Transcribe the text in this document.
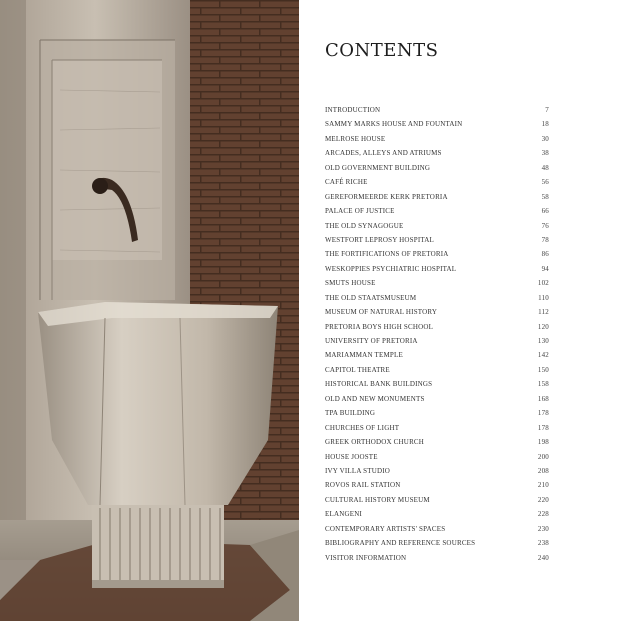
CONTENTS
INTRODUCTION	7
SAMMY MARKS HOUSE AND FOUNTAIN	18
MELROSE HOUSE	30
ARCADES, ALLEYS AND ATRIUMS	38
OLD GOVERNMENT BUILDING	48
CAFÉ RICHE	56
GEREFORMEERDE KERK PRETORIA	58
PALACE OF JUSTICE	66
THE OLD SYNAGOGUE	76
WESTFORT LEPROSY HOSPITAL	78
THE FORTIFICATIONS OF PRETORIA	86
WESKOPPIES PSYCHIATRIC HOSPITAL	94
SMUTS HOUSE	102
THE OLD STAATSMUSEUM	110
MUSEUM OF NATURAL HISTORY	112
PRETORIA BOYS HIGH SCHOOL	120
UNIVERSITY OF PRETORIA	130
MARIAMMAN TEMPLE	142
CAPITOL THEATRE	150
HISTORICAL BANK BUILDINGS	158
OLD AND NEW MONUMENTS	168
TPA BUILDING	178
CHURCHES OF LIGHT	178
GREEK ORTHODOX CHURCH	198
HOUSE JOOSTE	200
IVY VILLA STUDIO	208
ROVOS RAIL STATION	210
CULTURAL HISTORY MUSEUM	220
ELANGENI	228
CONTEMPORARY ARTISTS' SPACES	230
BIBLIOGRAPHY AND REFERENCE SOURCES	238
VISITOR INFORMATION	240
